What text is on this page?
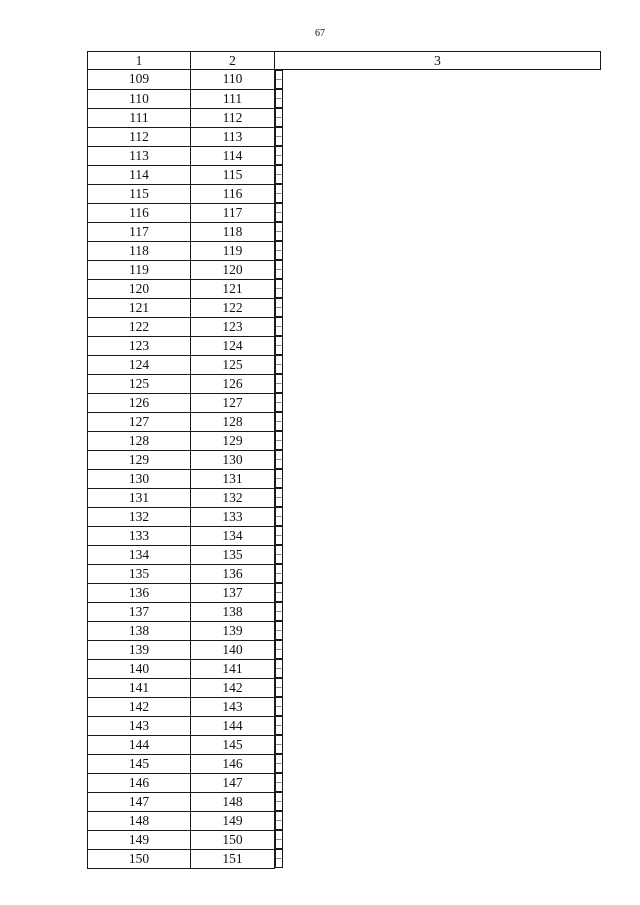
67
1	2	3
109	110		–
110	111		–
111	112		–
112	113		–
113	114		–
114	115		–
115	116		–
116	117		–
117	118		–
118	119		–
119	120		–
120	121		–
121	122		–
122	123		–
123	124		–
124	125		–
125	126		–
126	127		–
127	128		–
128	129		–
129	130		–
130	131		–
131	132		–
132	133		–
133	134		–
134	135		–
135	136		–
136	137		–
137	138		–
138	139		–
139	140		–
140	141		–
141	142		–
142	143		–
143	144		–
144	145		–
145	146		–
146	147		–
147	148		–
148	149		–
149	150		–
150	151		–
